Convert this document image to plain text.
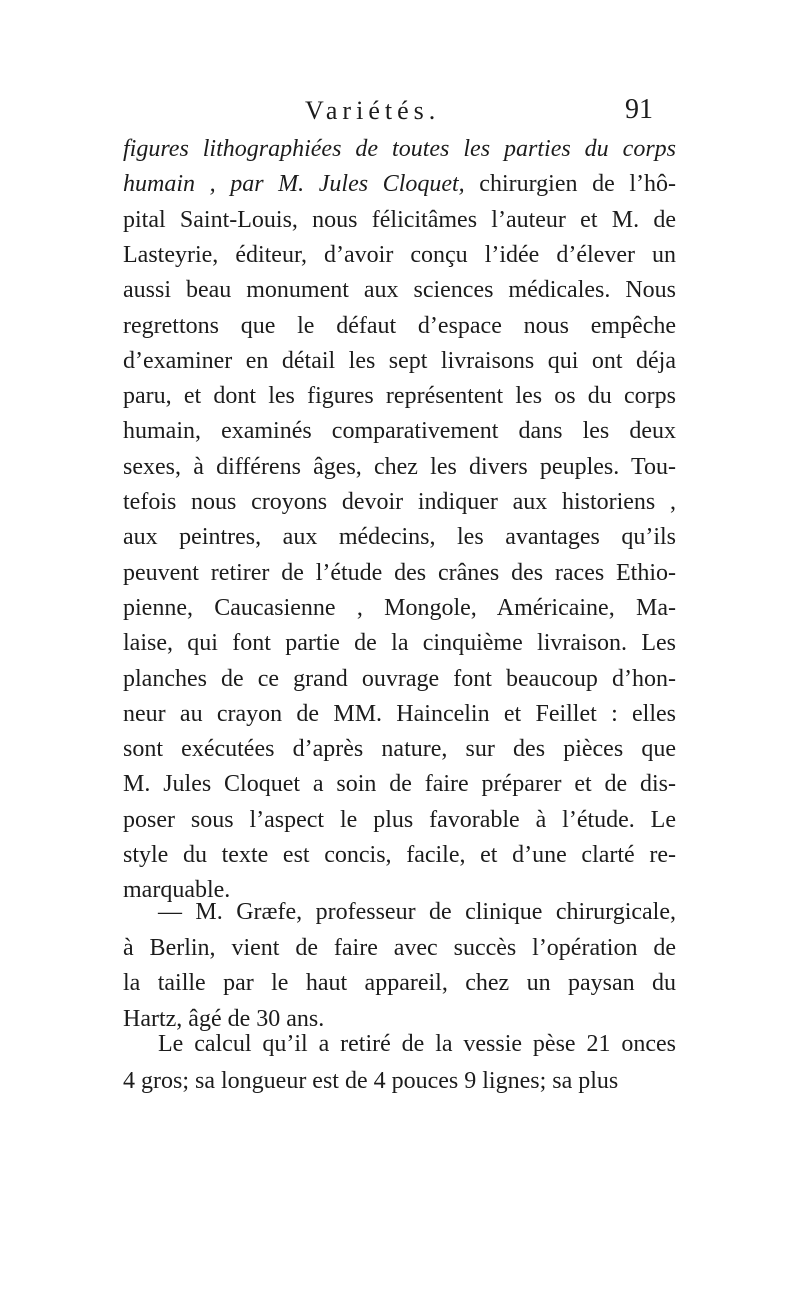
Variétés.	91
figures lithographiées de toutes les parties du corps
humain , par M. Jules Cloquet, chirurgien de l’hô-
pital Saint-Louis, nous félicitâmes l’auteur et M. de
Lasteyrie, éditeur, d’avoir conçu l’idée d’élever un
aussi beau monument aux sciences médicales. Nous
regrettons que le défaut d’espace nous empêche
d’examiner en détail les sept livraisons qui ont déja
paru, et dont les figures représentent les os du corps
humain, examinés comparativement dans les deux
sexes, à différens âges, chez les divers peuples. Tou-
tefois nous croyons devoir indiquer aux historiens ,
aux peintres, aux médecins, les avantages qu’ils
peuvent retirer de l’étude des crânes des races Ethio-
pienne, Caucasienne , Mongole, Américaine, Ma-
laise, qui font partie de la cinquième livraison. Les
planches de ce grand ouvrage font beaucoup d’hon-
neur au crayon de MM. Haincelin et Feillet : elles
sont exécutées d’après nature, sur des pièces que
M. Jules Cloquet a soin de faire préparer et de dis-
poser sous l’aspect le plus favorable à l’étude. Le
style du texte est concis, facile, et d’une clarté re-
marquable.
— M. Græfe, professeur de clinique chirurgicale,
à Berlin, vient de faire avec succès l’opération de
la taille par le haut appareil, chez un paysan du
Hartz, âgé de 30 ans.
Le calcul qu’il a retiré de la vessie pèse 21 onces
4 gros; sa longueur est de 4 pouces 9 lignes; sa plus
